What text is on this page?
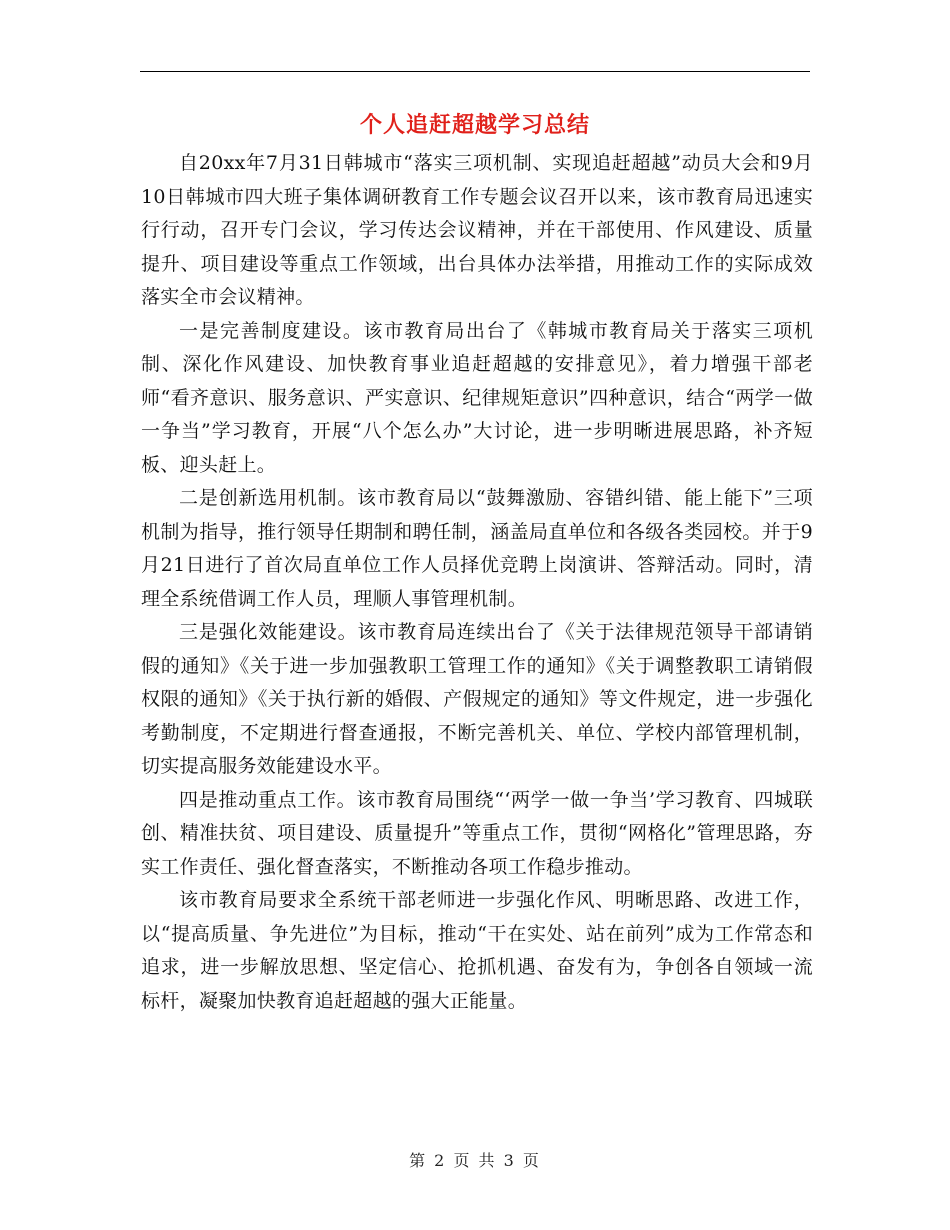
个人追赶超越学习总结

自20xx年7月31日韩城市“落实三项机制、实现追赶超越”动员大会和9月10日韩城市四大班子集体调研教育工作专题会议召开以来，该市教育局迅速实行行动，召开专门会议，学习传达会议精神，并在干部使用、作风建设、质量提升、项目建设等重点工作领域，出台具体办法举措，用推动工作的实际成效落实全市会议精神。

一是完善制度建设。该市教育局出台了《韩城市教育局关于落实三项机制、深化作风建设、加快教育事业追赶超越的安排意见》，着力增强干部老师“看齐意识、服务意识、严实意识、纪律规矩意识”四种意识，结合“两学一做一争当”学习教育，开展“八个怎么办”大讨论，进一步明晰进展思路，补齐短板、迎头赶上。

二是创新选用机制。该市教育局以“鼓舞激励、容错纠错、能上能下”三项机制为指导，推行领导任期制和聘任制，涵盖局直单位和各级各类园校。并于9月21日进行了首次局直单位工作人员择优竞聘上岗演讲、答辩活动。同时，清理全系统借调工作人员，理顺人事管理机制。

三是强化效能建设。该市教育局连续出台了《关于法律规范领导干部请销假的通知》《关于进一步加强教职工管理工作的通知》《关于调整教职工请销假权限的通知》《关于执行新的婚假、产假规定的通知》等文件规定，进一步强化考勤制度，不定期进行督查通报，不断完善机关、单位、学校内部管理机制，切实提高服务效能建设水平。

四是推动重点工作。该市教育局围绕“‘两学一做一争当’学习教育、四城联创、精准扶贫、项目建设、质量提升”等重点工作，贯彻“网格化”管理思路，夯实工作责任、强化督查落实，不断推动各项工作稳步推动。

该市教育局要求全系统干部老师进一步强化作风、明晰思路、改进工作，以“提高质量、争先进位”为目标，推动“干在实处、站在前列”成为工作常态和追求，进一步解放思想、坚定信心、抢抓机遇、奋发有为，争创各自领域一流标杆，凝聚加快教育追赶超越的强大正能量。

第 2 页 共 3 页
